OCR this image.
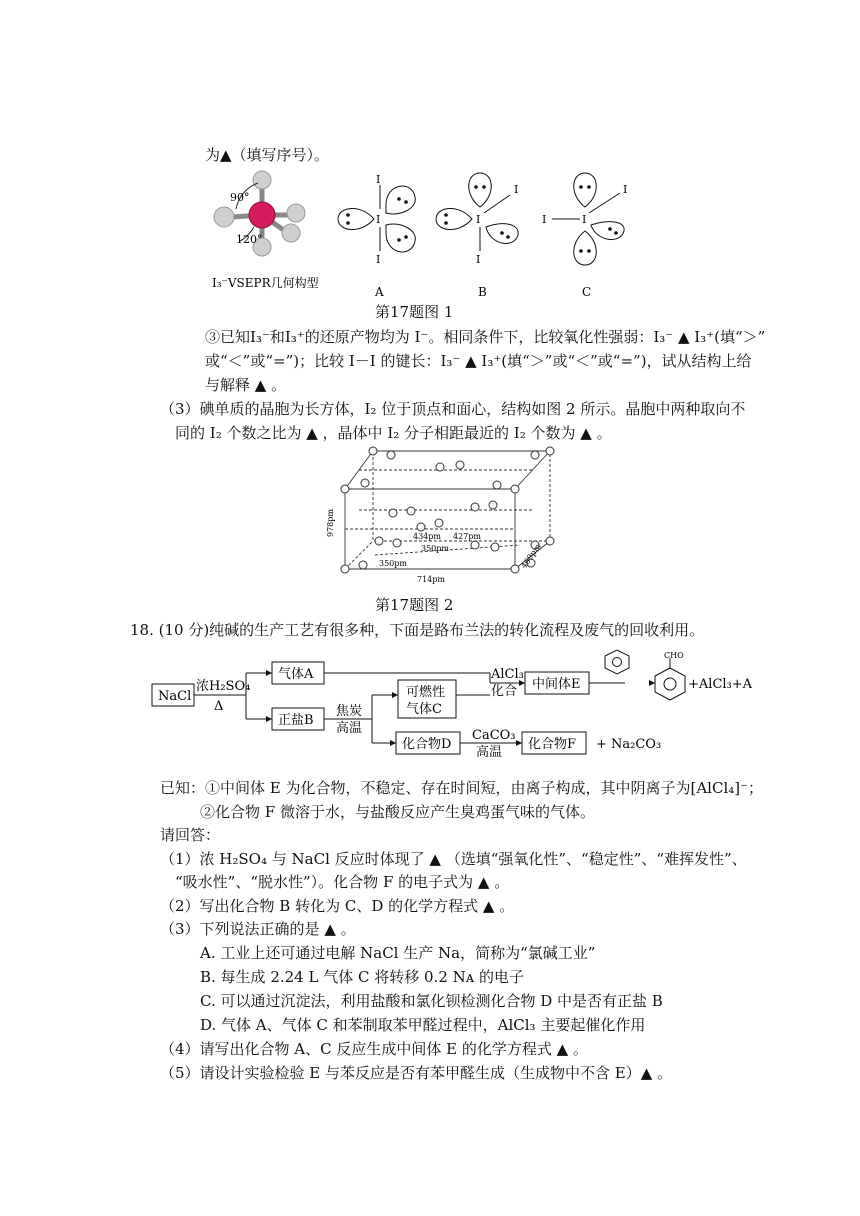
为▲（填写序号）。
90°
120°
I₃⁻VSEPR几何构型
I
I
I
A
I
I
I
B
I
I	I
C
第17题图 1
③已知I₃⁻和I₃⁺的还原产物均为 I⁻。相同条件下，比较氧化性强弱：I₃⁻ ▲ I₃⁺(填“＞”
或“＜”或“=”)；比较 I－I 的键长：I₃⁻ ▲ I₃⁺(填“＞”或“＜”或“=”)，试从结构上给
与解释 ▲ 。
（3）碘单质的晶胞为长方体，I₂ 位于顶点和面心，结构如图 2 所示。晶胞中两种取向不
同的 I₂ 个数之比为 ▲ ，晶体中 I₂ 分子相距最近的 I₂ 个数为 ▲ 。
978pm	434pm 427pm
350pm
350pm
714pm
469pm
第17题图 2
18. (10 分)纯碱的生产工艺有很多种，下面是路布兰法的转化流程及废气的回收利用。
NaCl
浓H₂SO₄
Δ
气体A
正盐B
焦炭
高温
可燃性
气体C
AlCl₃
化合 中间体E
CHO
+AlCl₃+A
化合物D
CaCO₃
高温
化合物F + Na₂CO₃
已知：①中间体 E 为化合物，不稳定、存在时间短，由离子构成，其中阴离子为[AlCl₄]⁻；
②化合物 F 微溶于水，与盐酸反应产生臭鸡蛋气味的气体。
请回答：
（1）浓 H₂SO₄ 与 NaCl 反应时体现了 ▲ （选填“强氧化性”、“稳定性”、“难挥发性”、
“吸水性”、“脱水性”）。化合物 F 的电子式为 ▲ 。
（2）写出化合物 B 转化为 C、D 的化学方程式 ▲ 。
（3）下列说法正确的是 ▲ 。
A. 工业上还可通过电解 NaCl 生产 Na，简称为“氯碱工业”
B. 每生成 2.24 L 气体 C 将转移 0.2 Nᴀ 的电子
C. 可以通过沉淀法，利用盐酸和氯化钡检测化合物 D 中是否有正盐 B
D. 气体 A、气体 C 和苯制取苯甲醛过程中，AlCl₃ 主要起催化作用
（4）请写出化合物 A、C 反应生成中间体 E 的化学方程式 ▲ 。
（5）请设计实验检验 E 与苯反应是否有苯甲醛生成（生成物中不含 E）▲ 。
